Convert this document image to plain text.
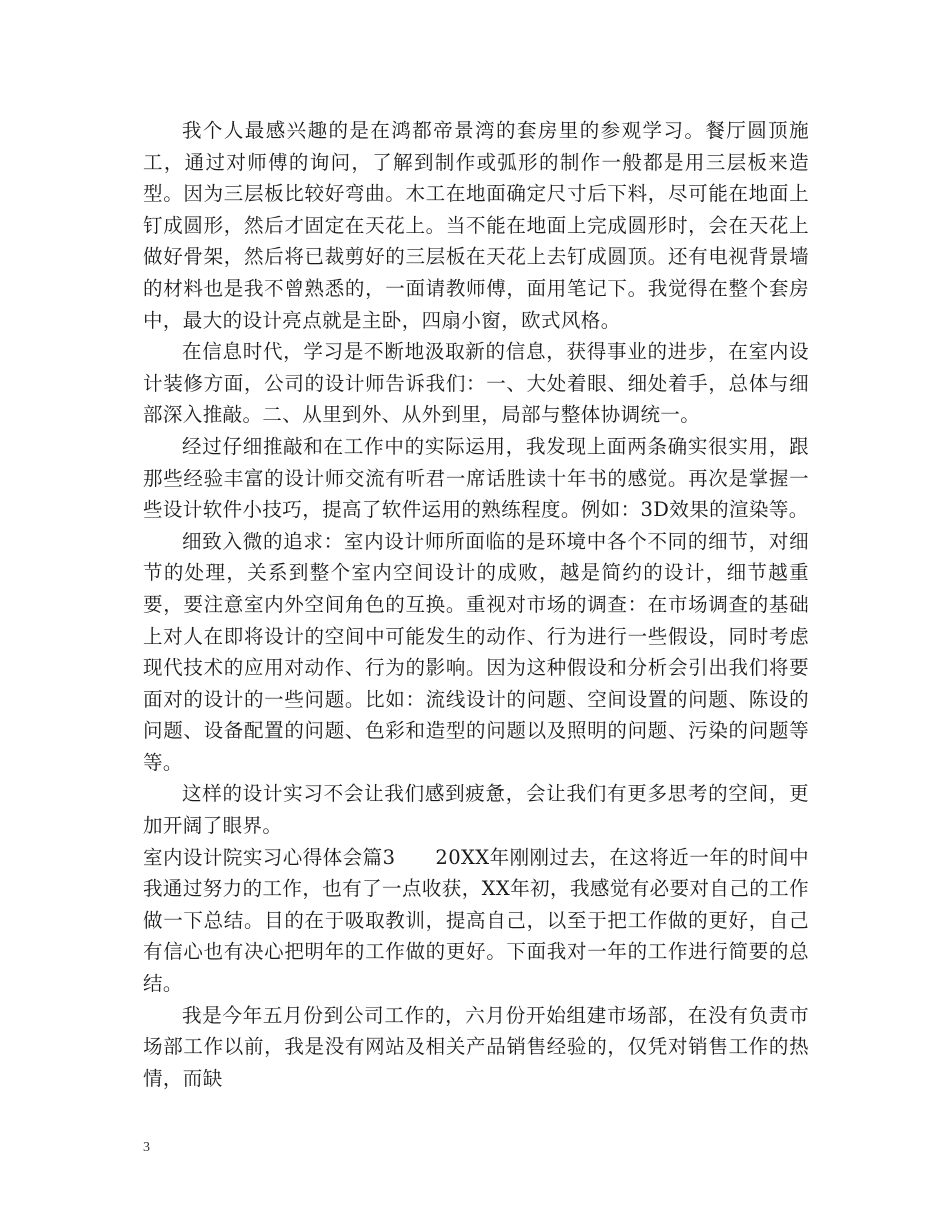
我个人最感兴趣的是在鸿都帝景湾的套房里的参观学习。餐厅圆顶施工，通过对师傅的询问，了解到制作或弧形的制作一般都是用三层板来造型。因为三层板比较好弯曲。木工在地面确定尺寸后下料，尽可能在地面上钉成圆形，然后才固定在天花上。当不能在地面上完成圆形时，会在天花上做好骨架，然后将已裁剪好的三层板在天花上去钉成圆顶。还有电视背景墙的材料也是我不曾熟悉的，一面请教师傅，面用笔记下。我觉得在整个套房中，最大的设计亮点就是主卧，四扇小窗，欧式风格。

在信息时代，学习是不断地汲取新的信息，获得事业的进步，在室内设计装修方面，公司的设计师告诉我们：一、大处着眼、细处着手，总体与细部深入推敲。二、从里到外、从外到里，局部与整体协调统一。

经过仔细推敲和在工作中的实际运用，我发现上面两条确实很实用，跟那些经验丰富的设计师交流有听君一席话胜读十年书的感觉。再次是掌握一些设计软件小技巧，提高了软件运用的熟练程度。例如：3D效果的渲染等。

细致入微的追求：室内设计师所面临的是环境中各个不同的细节，对细节的处理，关系到整个室内空间设计的成败，越是简约的设计，细节越重要，要注意室内外空间角色的互换。重视对市场的调查：在市场调查的基础上对人在即将设计的空间中可能发生的动作、行为进行一些假设，同时考虑现代技术的应用对动作、行为的影响。因为这种假设和分析会引出我们将要面对的设计的一些问题。比如：流线设计的问题、空间设置的问题、陈设的问题、设备配置的问题、色彩和造型的问题以及照明的问题、污染的问题等等。

这样的设计实习不会让我们感到疲惫，会让我们有更多思考的空间，更加开阔了眼界。

室内设计院实习心得体会篇3　　20XX年刚刚过去，在这将近一年的时间中我通过努力的工作，也有了一点收获，XX年初，我感觉有必要对自己的工作做一下总结。目的在于吸取教训，提高自己，以至于把工作做的更好，自己有信心也有决心把明年的工作做的更好。下面我对一年的工作进行简要的总结。

我是今年五月份到公司工作的，六月份开始组建市场部，在没有负责市场部工作以前，我是没有网站及相关产品销售经验的，仅凭对销售工作的热情，而缺

3
